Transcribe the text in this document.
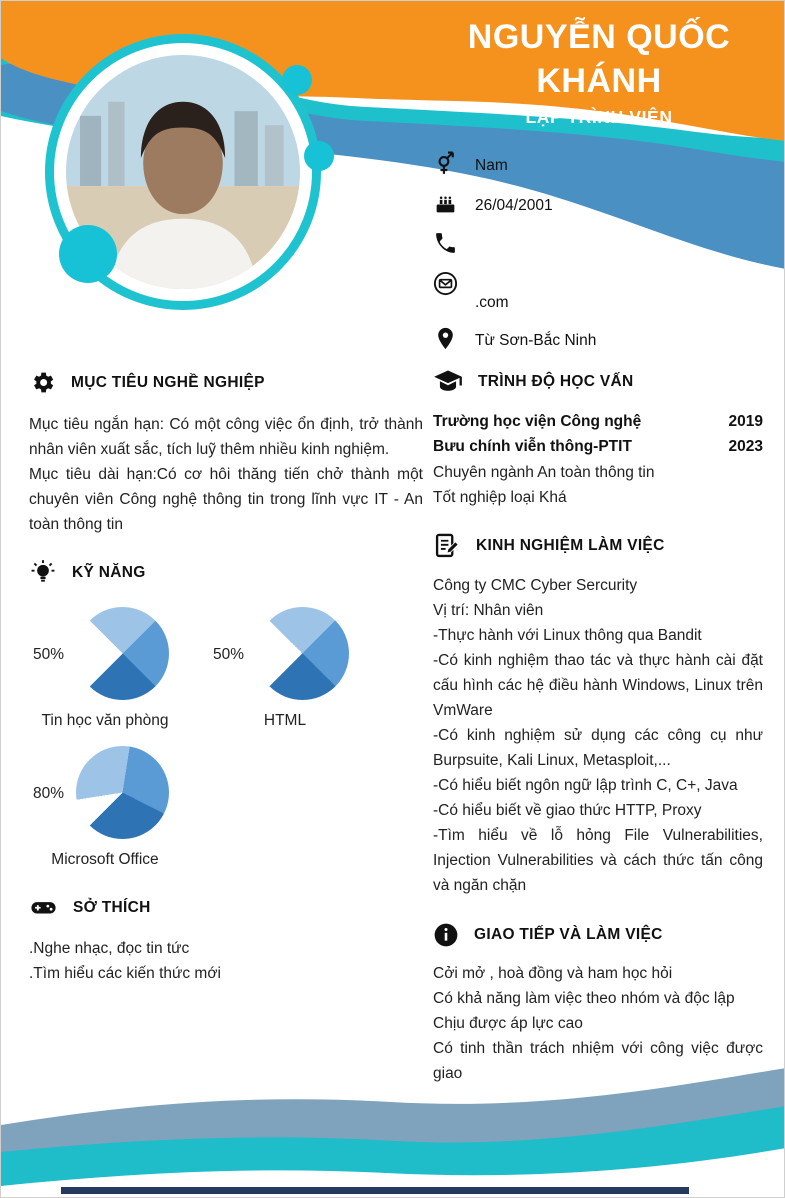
NGUYỄN QUỐC KHÁNH
LẬP TRÌNH VIÊN
Nam
26/04/2001
.com
Từ Sơn-Bắc Ninh
TRÌNH ĐỘ HỌC VẤN
Trường học viện Công nghệ Bưu chính viễn thông-PTIT
2019
2023
Chuyên ngành An toàn thông tin
Tốt nghiệp loại Khá
KINH NGHIỆM LÀM VIỆC
Công ty CMC Cyber Sercurity
Vị trí: Nhân viên
-Thực hành với Linux thông qua Bandit
-Có kinh nghiệm thao tác và thực hành cài đặt cấu hình các hệ điều hành Windows, Linux trên VmWare
-Có kinh nghiệm sử dụng các công cụ như Burpsuite, Kali Linux, Metasploit,...
-Có hiểu biết ngôn ngữ lập trình C, C+, Java
-Có hiểu biết về giao thức HTTP, Proxy
-Tìm hiểu về lỗ hỏng File Vulnerabilities, Injection Vulnerabilities và cách thức tấn công và ngăn chặn
GIAO TIẾP VÀ LÀM VIỆC
Cởi mở , hoà đồng và ham học hỏi
Có khả năng làm việc theo nhóm và độc lập
Chịu được áp lực cao
Có tinh thần trách nhiệm với công việc được giao
MỤC TIÊU NGHỀ NGHIỆP

Mục tiêu ngắn hạn: Có một công việc ổn định, trở thành nhân viên xuất sắc, tích luỹ thêm nhiều kinh nghiệm.

Mục tiêu dài hạn:Có cơ hôi thăng tiến chở thành một chuyên viên Công nghệ thông tin trong lĩnh vực IT - An toàn thông tin

KỸ NĂNG
50%
Tin học văn phòng
50%
HTML
80%
Microsoft Office
SỞ THÍCH
.Nghe nhạc, đọc tin tức
.Tìm hiểu các kiến thức mới
